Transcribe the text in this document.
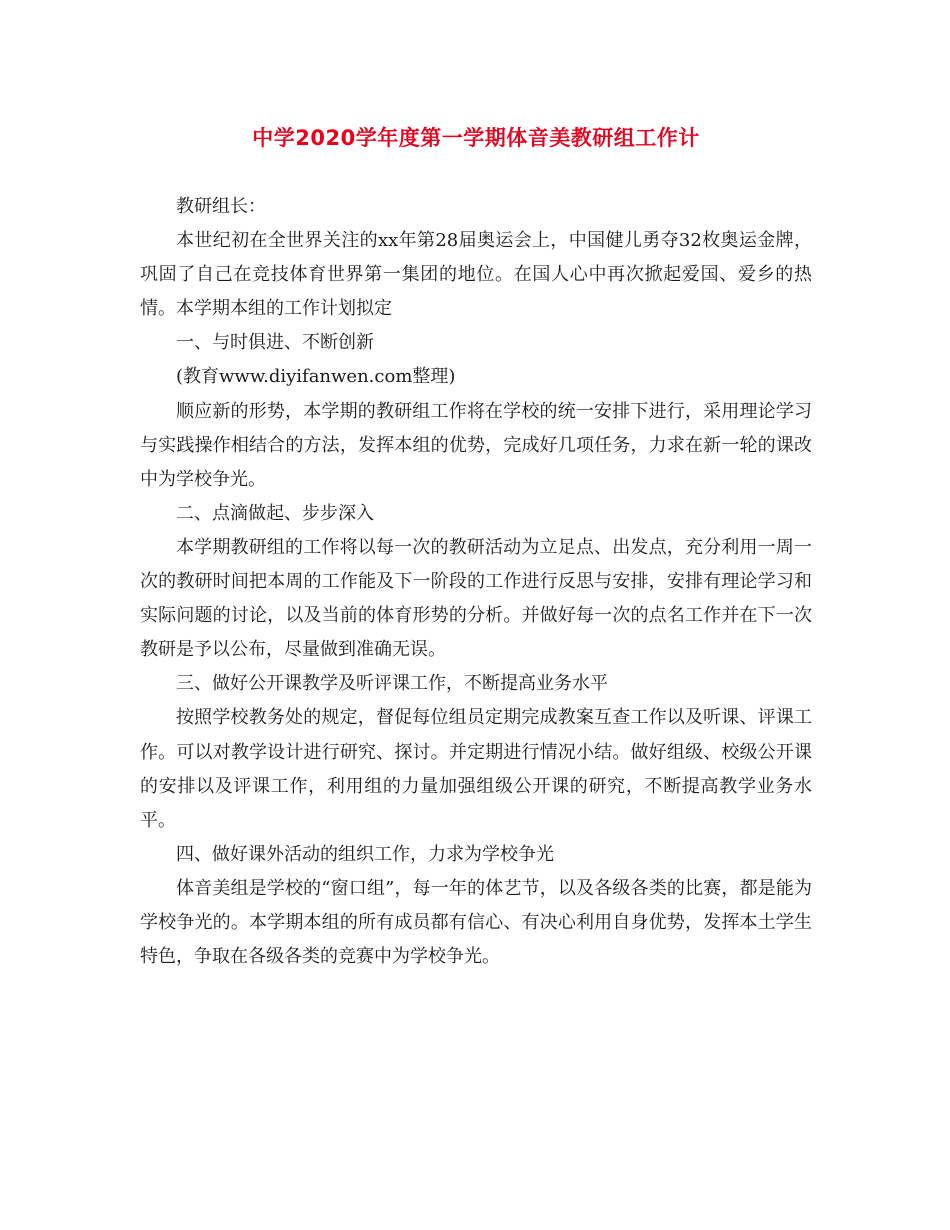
中学2020学年度第一学期体音美教研组工作计

教研组长：

本世纪初在全世界关注的xx年第28届奥运会上，中国健儿勇夺32枚奥运金牌，巩固了自己在竞技体育世界第一集团的地位。在国人心中再次掀起爱国、爱乡的热情。本学期本组的工作计划拟定

一、与时俱进、不断创新

(教育www.diyifanwen.com整理)

顺应新的形势，本学期的教研组工作将在学校的统一安排下进行，采用理论学习与实践操作相结合的方法，发挥本组的优势，完成好几项任务，力求在新一轮的课改中为学校争光。

二、点滴做起、步步深入

本学期教研组的工作将以每一次的教研活动为立足点、出发点，充分利用一周一次的教研时间把本周的工作能及下一阶段的工作进行反思与安排，安排有理论学习和实际问题的讨论，以及当前的体育形势的分析。并做好每一次的点名工作并在下一次教研是予以公布，尽量做到准确无误。

三、做好公开课教学及听评课工作，不断提高业务水平

按照学校教务处的规定，督促每位组员定期完成教案互查工作以及听课、评课工作。可以对教学设计进行研究、探讨。并定期进行情况小结。做好组级、校级公开课的安排以及评课工作，利用组的力量加强组级公开课的研究，不断提高教学业务水平。

四、做好课外活动的组织工作，力求为学校争光

体音美组是学校的“窗口组”，每一年的体艺节，以及各级各类的比赛，都是能为学校争光的。本学期本组的所有成员都有信心、有决心利用自身优势，发挥本土学生特色，争取在各级各类的竞赛中为学校争光。
